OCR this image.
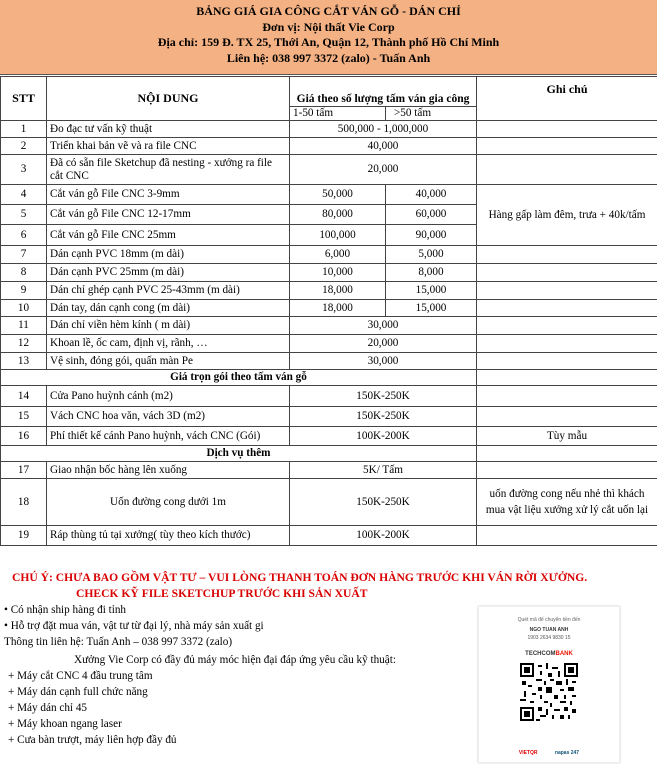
BẢNG GIÁ GIA CÔNG CẮT VÁN GỖ - DÁN CHỈ
Đơn vị: Nội thất Vie Corp
Địa chỉ: 159 Đ. TX 25, Thới An, Quận 12, Thành phố Hồ Chí Minh
Liên hệ: 038 997 3372 (zalo) - Tuấn Anh
STT	NỘI DUNG	Giá theo số lượng tấm ván gia công		Ghi chú
		1-50 tấm	>50 tấm	
1	Đo đạc tư vấn kỹ thuật	500,000 - 1,000,000		
2	Triển khai bản vẽ và ra file CNC	40,000		
3	Đã có sẵn file Sketchup đã nesting - xưởng ra file cắt CNC	20,000		
4	Cắt ván gỗ File CNC 3-9mm	50,000	40,000	Hàng gấp làm đêm, trưa + 40k/tấm
5	Cắt ván gỗ File CNC 12-17mm	80,000	60,000	
6	Cắt ván gỗ File CNC 25mm	100,000	90,000	
7	Dán cạnh PVC 18mm (m dài)	6,000	5,000	
8	Dán cạnh PVC 25mm (m dài)	10,000	8,000	
9	Dán chỉ ghép cạnh PVC 25-43mm (m dài)	18,000	15,000	
10	Dán tay, dán cạnh cong (m dài)	18,000	15,000	
11	Dán chỉ viền hèm kính ( m dài)	30,000		
12	Khoan lề, ốc cam, định vị, rãnh, …	20,000		
13	Vệ sinh, đóng gói, quấn màn Pe	30,000		
Giá trọn gói theo tấm ván gỗ				
14	Cửa Pano huỳnh cánh (m2)	150K-250K		
15	Vách CNC hoa văn, vách 3D (m2)	150K-250K		
16	Phí thiết kế cánh Pano huỳnh, vách CNC (Gói)	100K-200K		Tùy mẫu
Dịch vụ thêm				
17	Giao nhận bốc hàng lên xuống	5K/ Tấm		
18	Uốn đường cong dưới 1m	150K-250K		uốn đường cong nếu nhẻ thì khách mua vật liệu xưởng xử lý cắt uốn lại
19	Ráp thùng tủ tại xưởng( tùy theo kích thước)	100K-200K		
CHÚ Ý: CHƯA BAO GỒM VẬT TƯ – VUI LÒNG THANH TOÁN ĐƠN HÀNG TRƯỚC KHI VÁN RỜI XƯỞNG.
CHECK KỸ FILE SKETCHUP TRƯỚC KHI SẢN XUẤT
• Có nhận ship hàng đi tỉnh
• Hỗ trợ đặt mua ván, vật tư từ đại lý, nhà máy sản xuất gi
Thông tin liên hệ: Tuấn Anh – 038 997 3372 (zalo)
Xưởng Vie Corp có đầy đủ máy móc hiện đại đáp ứng yêu cầu kỹ thuật:
+ Máy cắt CNC 4 đầu trung tâm
+ Máy dán cạnh full chức năng
+ Máy dán chỉ 45
+ Máy khoan ngang laser
+ Cưa bàn trượt, máy liên hợp đầy đủ
Quét mã để chuyển tiền đến
NGO TUAN ANH
1903 2634 9830 15
TECHCOMBANK
VIETQR	napas 247
